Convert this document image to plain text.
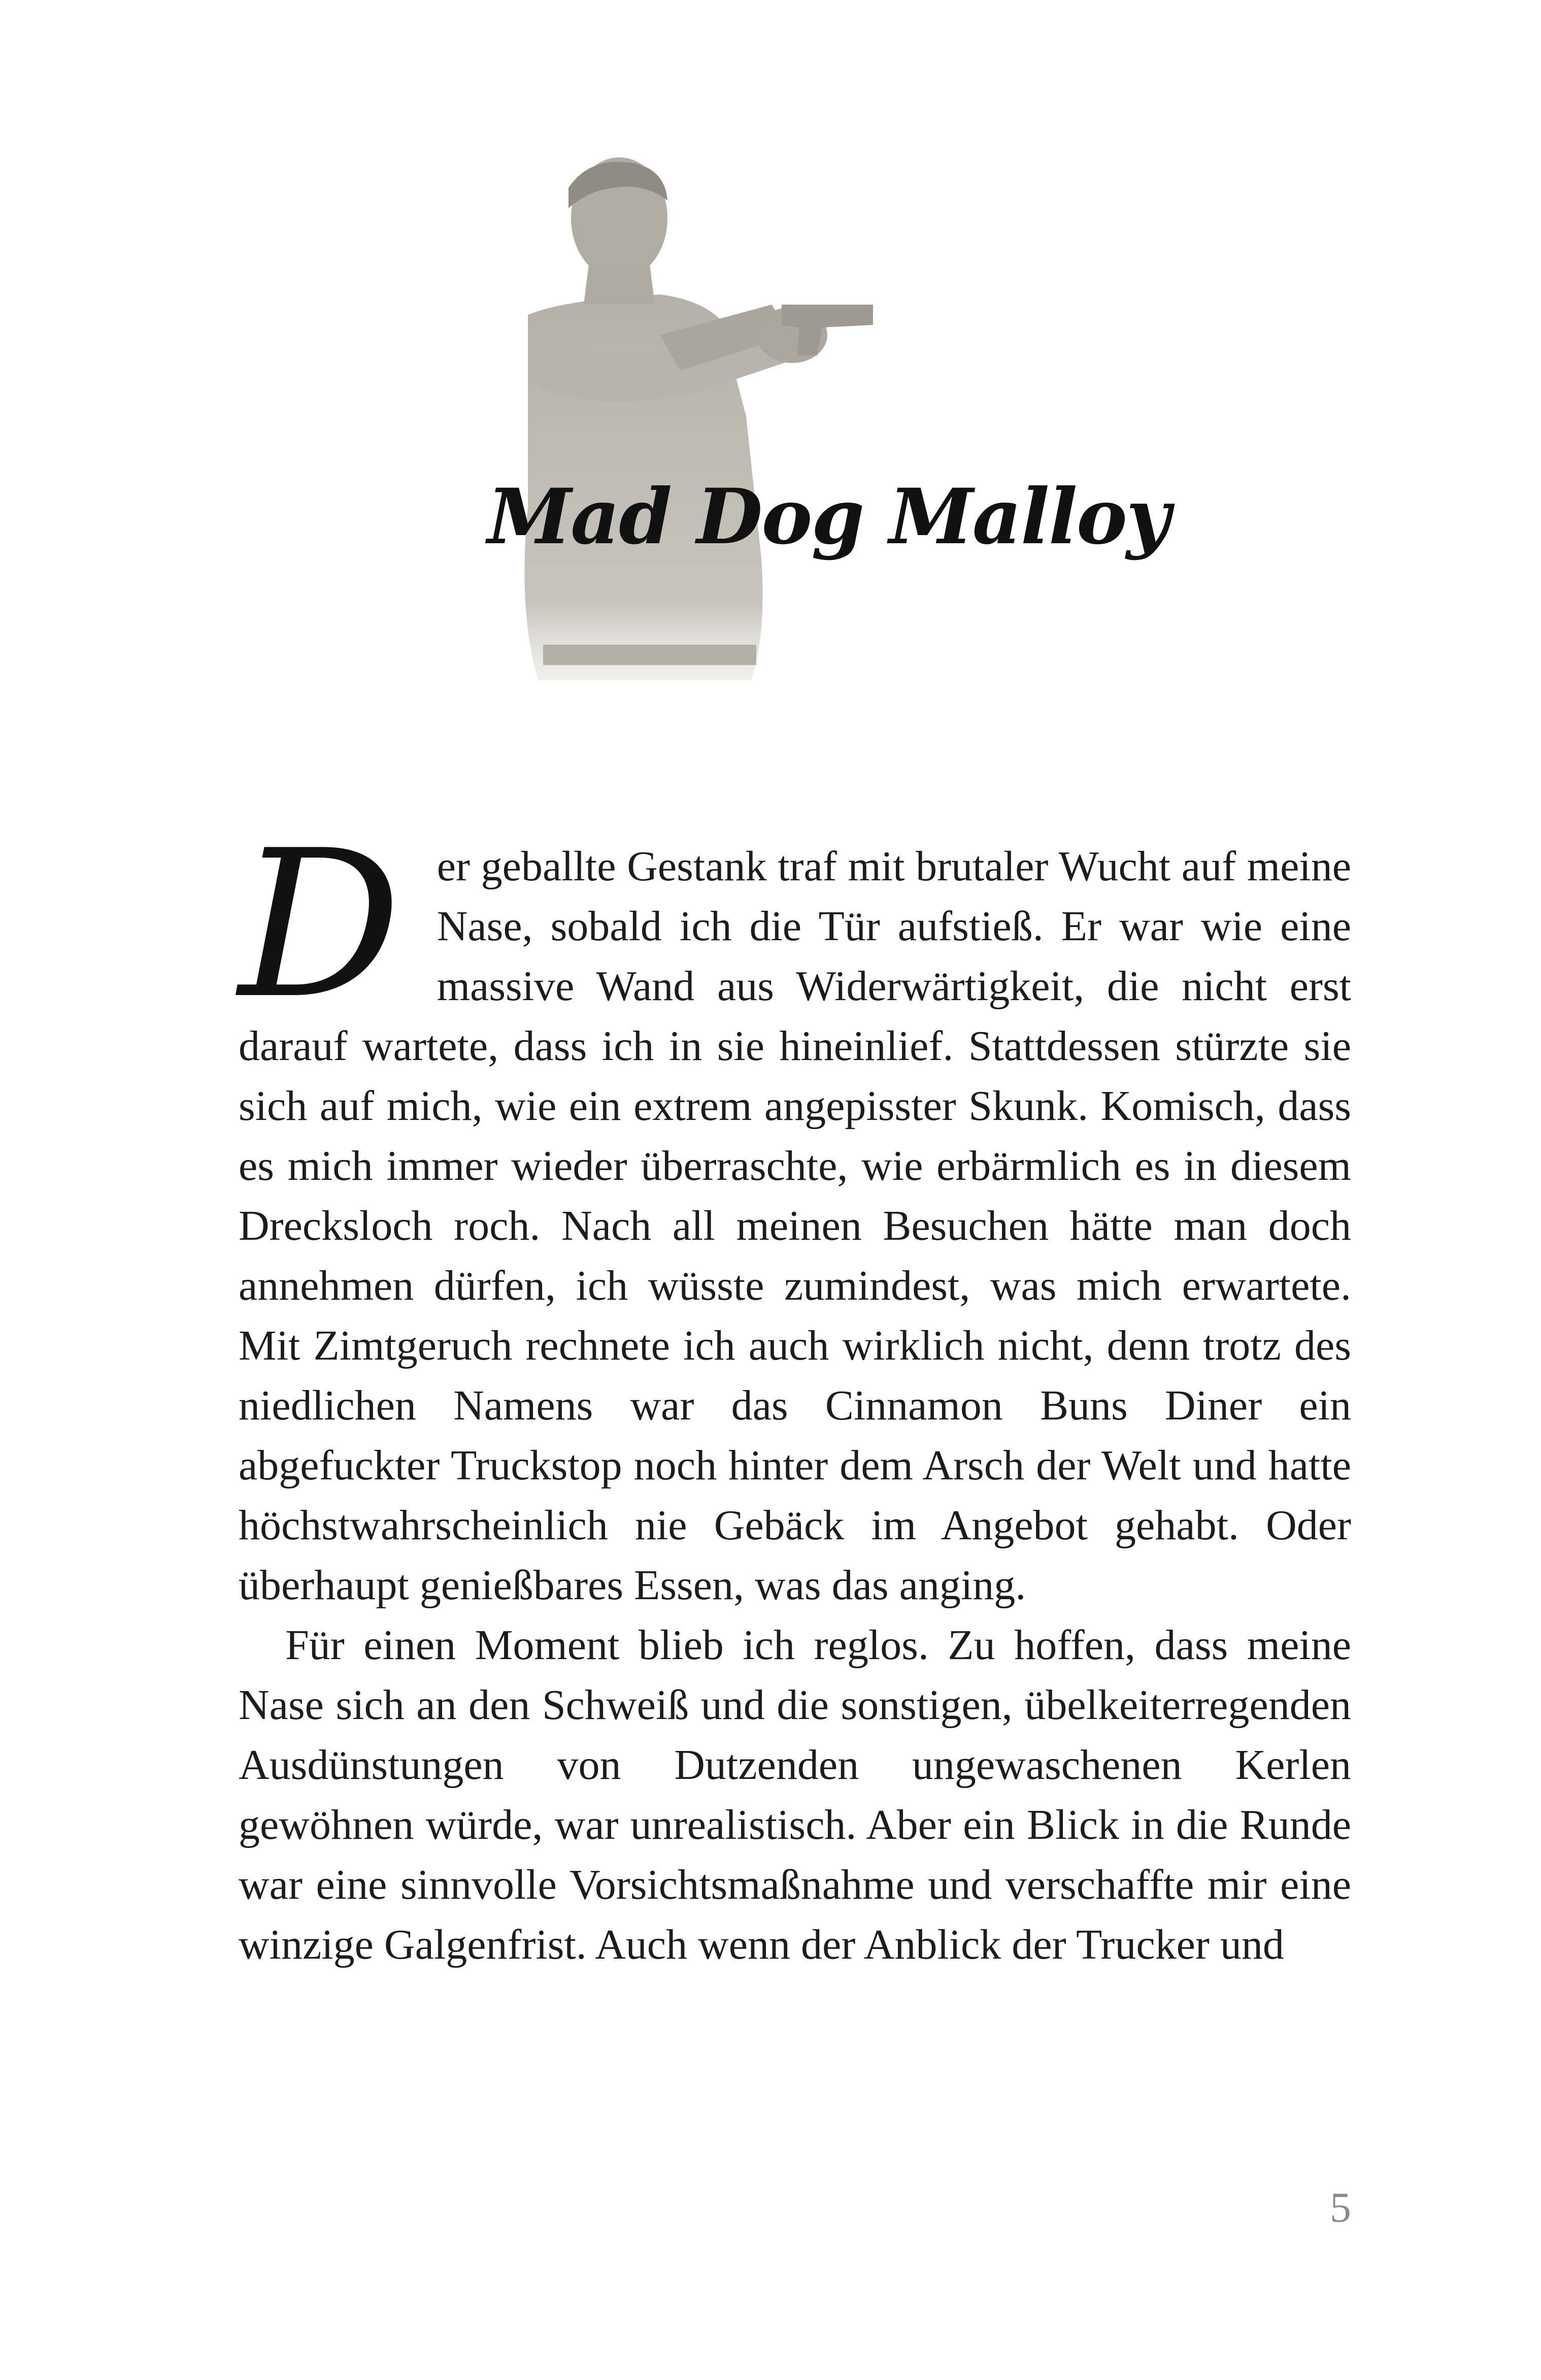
Mad Dog Malloy

Der geballte Gestank traf mit brutaler Wucht auf meine Nase, sobald ich die Tür aufstieß. Er war wie eine massive Wand aus Widerwärtigkeit, die nicht erst darauf wartete, dass ich in sie hineinlief. Stattdessen stürzte sie sich auf mich, wie ein extrem angepisster Skunk. Komisch, dass es mich immer wieder überraschte, wie erbärmlich es in diesem Drecksloch roch. Nach all meinen Besuchen hätte man doch annehmen dürfen, ich wüsste zumindest, was mich erwartete. Mit Zimtgeruch rechnete ich auch wirklich nicht, denn trotz des niedlichen Namens war das Cinnamon Buns Diner ein abgefuckter Truckstop noch hinter dem Arsch der Welt und hatte höchstwahrscheinlich nie Gebäck im Angebot gehabt. Oder überhaupt genießbares Essen, was das anging.

Für einen Moment blieb ich reglos. Zu hoffen, dass meine Nase sich an den Schweiß und die sonstigen, übelkeiterregenden Ausdünstungen von Dutzenden ungewaschenen Kerlen gewöhnen würde, war unrealistisch. Aber ein Blick in die Runde war eine sinnvolle Vorsichtsmaßnahme und verschaffte mir eine winzige Galgenfrist. Auch wenn der Anblick der Trucker und

5
